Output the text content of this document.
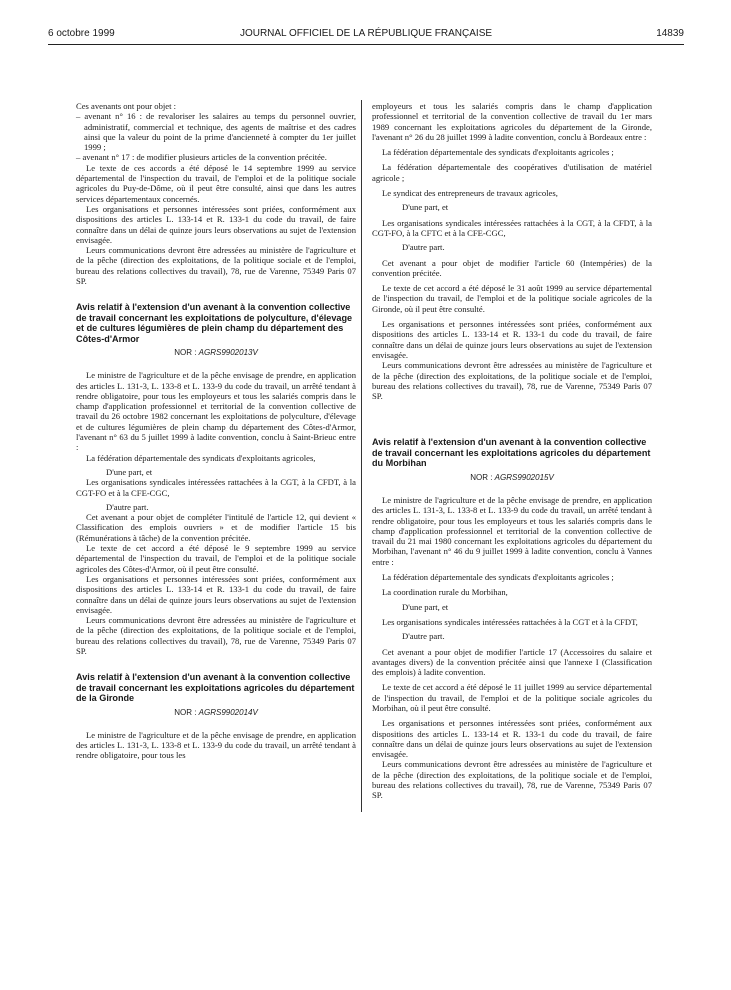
6 octobre 1999	JOURNAL OFFICIEL DE LA RÉPUBLIQUE FRANÇAISE	14839

Ces avenants ont pour objet :

– avenant n° 16 : de revaloriser les salaires au temps du personnel ouvrier, administratif, commercial et technique, des agents de maîtrise et des cadres ainsi que la valeur du point de la prime d'ancienneté à compter du 1er juillet 1999 ;

– avenant n° 17 : de modifier plusieurs articles de la convention précitée.

Le texte de ces accords a été déposé le 14 septembre 1999 au service départemental de l'inspection du travail, de l'emploi et de la politique sociale agricoles du Puy-de-Dôme, où il peut être consulté, ainsi que dans les autres services départementaux concernés.

Les organisations et personnes intéressées sont priées, conformément aux dispositions des articles L. 133-14 et R. 133-1 du code du travail, de faire connaître dans un délai de quinze jours leurs observations au sujet de l'extension envisagée.

Leurs communications devront être adressées au ministère de l'agriculture et de la pêche (direction des exploitations, de la politique sociale et de l'emploi, bureau des relations collectives du travail), 78, rue de Varenne, 75349 Paris 07 SP.

Avis relatif à l'extension d'un avenant à la convention collective de travail concernant les exploitations de polyculture, d'élevage et de cultures légumières de plein champ du département des Côtes-d'Armor

NOR : AGRS9902013V

Le ministre de l'agriculture et de la pêche envisage de prendre, en application des articles L. 131-3, L. 133-8 et L. 133-9 du code du travail, un arrêté tendant à rendre obligatoire, pour tous les employeurs et tous les salariés compris dans le champ d'application professionnel et territorial de la convention collective de travail du 26 octobre 1982 concernant les exploitations de polyculture, d'élevage et de cultures légumières de plein champ du département des Côtes-d'Armor, l'avenant n° 63 du 5 juillet 1999 à ladite convention, conclu à Saint-Brieuc entre :

La fédération départementale des syndicats d'exploitants agricoles,

D'une part, et

Les organisations syndicales intéressées rattachées à la CGT, à la CFDT, à la CGT-FO et à la CFE-CGC,

D'autre part.

Cet avenant a pour objet de compléter l'intitulé de l'article 12, qui devient « Classification des emplois ouvriers » et de modifier l'article 15 bis (Rémunérations à tâche) de la convention précitée.

Le texte de cet accord a été déposé le 9 septembre 1999 au service départemental de l'inspection du travail, de l'emploi et de la politique sociale agricoles des Côtes-d'Armor, où il peut être consulté.

Les organisations et personnes intéressées sont priées, conformément aux dispositions des articles L. 133-14 et R. 133-1 du code du travail, de faire connaître dans un délai de quinze jours leurs observations au sujet de l'extension envisagée.

Leurs communications devront être adressées au ministère de l'agriculture et de la pêche (direction des exploitations, de la politique sociale et de l'emploi, bureau des relations collectives du travail), 78, rue de Varenne, 75349 Paris 07 SP.

Avis relatif à l'extension d'un avenant à la convention collective de travail concernant les exploitations agricoles du département de la Gironde

NOR : AGRS9902014V

Le ministre de l'agriculture et de la pêche envisage de prendre, en application des articles L. 131-3, L. 133-8 et L. 133-9 du code du travail, un arrêté tendant à rendre obligatoire, pour tous les

employeurs et tous les salariés compris dans le champ d'application professionnel et territorial de la convention collective de travail du 1er mars 1989 concernant les exploitations agricoles du département de la Gironde, l'avenant n° 26 du 28 juillet 1999 à ladite convention, conclu à Bordeaux entre :

La fédération départementale des syndicats d'exploitants agricoles ;

La fédération départementale des coopératives d'utilisation de matériel agricole ;

Le syndicat des entrepreneurs de travaux agricoles,

D'une part, et

Les organisations syndicales intéressées rattachées à la CGT, à la CFDT, à la CGT-FO, à la CFTC et à la CFE-CGC,

D'autre part.

Cet avenant a pour objet de modifier l'article 60 (Intempéries) de la convention précitée.

Le texte de cet accord a été déposé le 31 août 1999 au service départemental de l'inspection du travail, de l'emploi et de la politique sociale agricoles de la Gironde, où il peut être consulté.

Les organisations et personnes intéressées sont priées, conformément aux dispositions des articles L. 133-14 et R. 133-1 du code du travail, de faire connaître dans un délai de quinze jours leurs observations au sujet de l'extension envisagée.

Leurs communications devront être adressées au ministère de l'agriculture et de la pêche (direction des exploitations, de la politique sociale et de l'emploi, bureau des relations collectives du travail), 78, rue de Varenne, 75349 Paris 07 SP.

Avis relatif à l'extension d'un avenant à la convention collective de travail concernant les exploitations agricoles du département du Morbihan

NOR : AGRS9902015V

Le ministre de l'agriculture et de la pêche envisage de prendre, en application des articles L. 131-3, L. 133-8 et L. 133-9 du code du travail, un arrêté tendant à rendre obligatoire, pour tous les employeurs et tous les salariés compris dans le champ d'application professionnel et territorial de la convention collective de travail du 21 mai 1980 concernant les exploitations agricoles du département du Morbihan, l'avenant n° 46 du 9 juillet 1999 à ladite convention, conclu à Vannes entre :

La fédération départementale des syndicats d'exploitants agricoles ;

La coordination rurale du Morbihan,

D'une part, et

Les organisations syndicales intéressées rattachées à la CGT et à la CFDT,

D'autre part.

Cet avenant a pour objet de modifier l'article 17 (Accessoires du salaire et avantages divers) de la convention précitée ainsi que l'annexe I (Classification des emplois) à ladite convention.

Le texte de cet accord a été déposé le 11 juillet 1999 au service départemental de l'inspection du travail, de l'emploi et de la politique sociale agricoles du Morbihan, où il peut être consulté.

Les organisations et personnes intéressées sont priées, conformément aux dispositions des articles L. 133-14 et R. 133-1 du code du travail, de faire connaître dans un délai de quinze jours leurs observations au sujet de l'extension envisagée.

Leurs communications devront être adressées au ministère de l'agriculture et de la pêche (direction des exploitations, de la politique sociale et de l'emploi, bureau des relations collectives du travail), 78, rue de Varenne, 75349 Paris 07 SP.
